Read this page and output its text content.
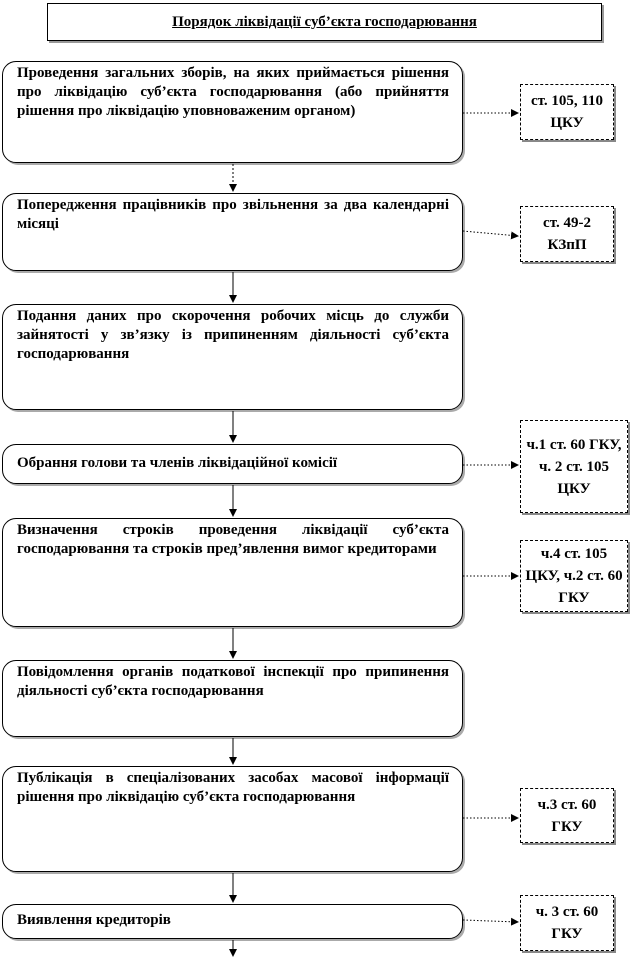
Порядок ліквідації суб’єкта господарювання
Проведення загальних зборів, на яких приймається рішення про ліквідацію суб’єкта господарювання (або прийняття рішення про ліквідацію уповноваженим органом)
Попередження працівників про звільнення за два календарні місяці
Подання даних про скорочення робочих місць до служби зайнятості у зв’язку із припиненням діяльності суб’єкта господарювання
Обрання голови та членів ліквідаційної комісії
Визначення строків проведення ліквідації суб’єкта господарювання та строків пред’явлення вимог кредиторами
Повідомлення органів податкової інспекції про припинення діяльності суб’єкта господарювання
Публікація в спеціалізованих засобах масової інформації рішення про ліквідацію суб’єкта господарювання
Виявлення кредиторів
ст. 105, 110 ЦКУ
ст. 49-2 КЗпП
ч.1 ст. 60 ГКУ, ч. 2 ст. 105 ЦКУ
ч.4 ст. 105 ЦКУ, ч.2 ст. 60 ГКУ
ч.3 ст. 60 ГКУ
ч. 3 ст. 60 ГКУ
